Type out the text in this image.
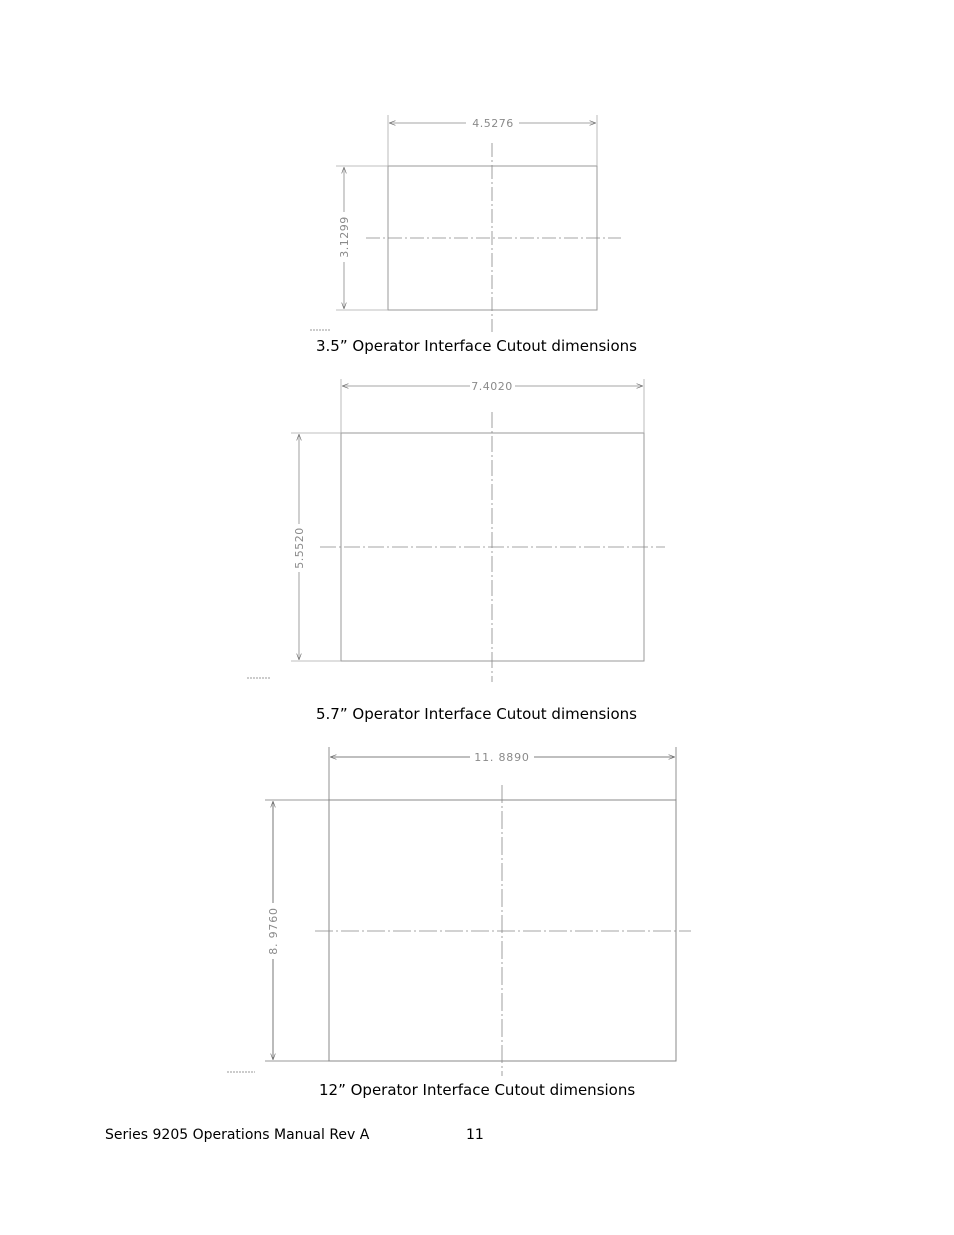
4.5276
3.1299
7.4020
5.5520
11. 8890
8. 9760
3.5” Operator Interface Cutout dimensions
5.7” Operator Interface Cutout dimensions
12” Operator Interface Cutout dimensions
Series 9205 Operations Manual Rev A	11
